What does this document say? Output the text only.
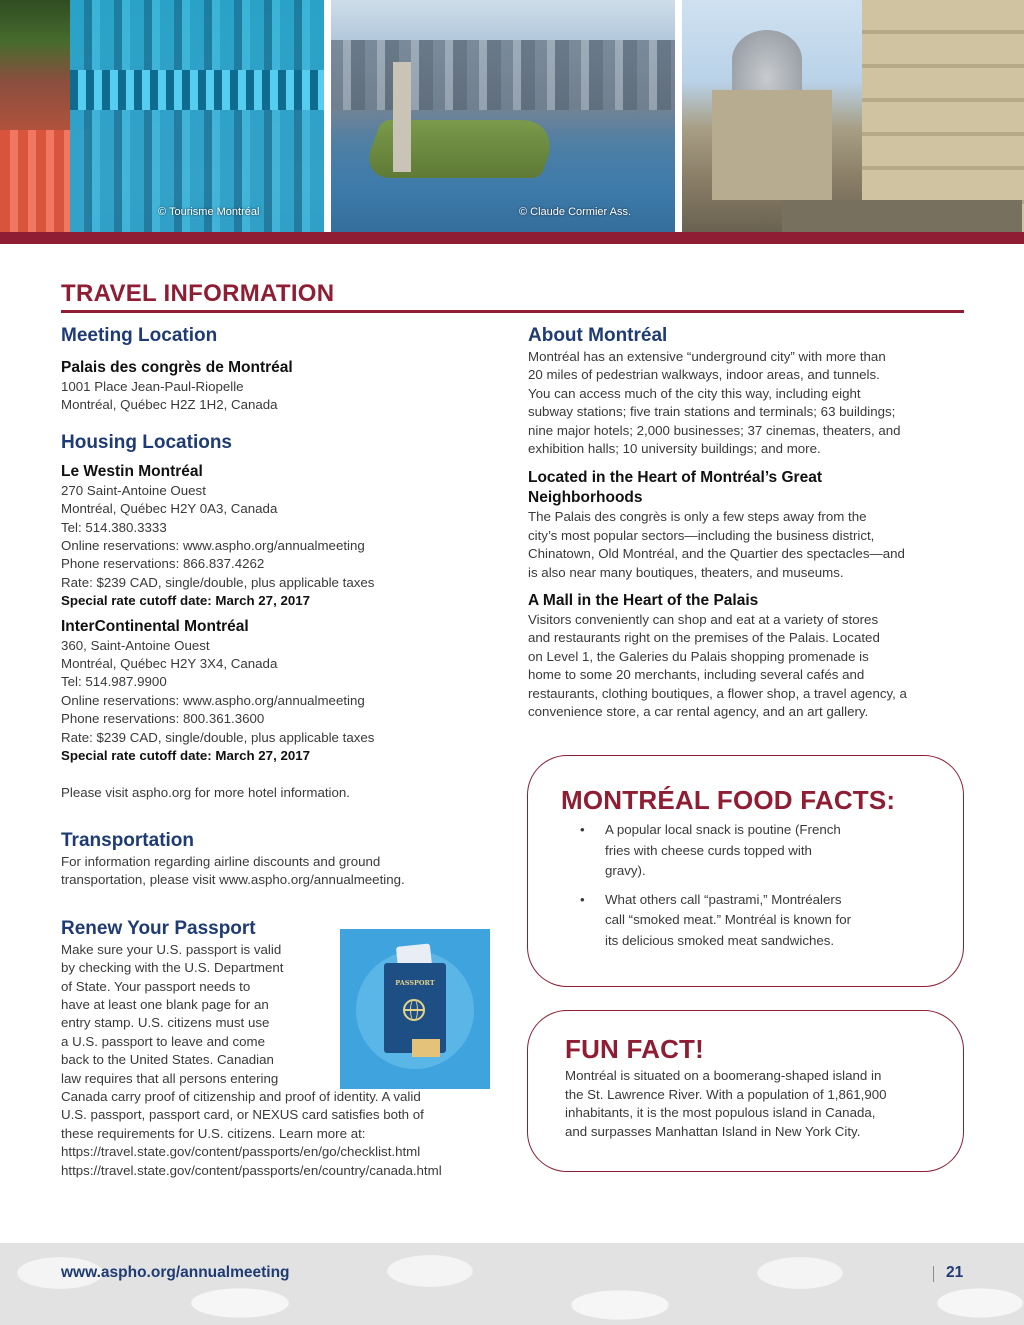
© Tourisme Montréal	© Claude Cormier Ass.
TRAVEL INFORMATION
Meeting Location
Palais des congrès de Montréal

1001 Place Jean-Paul-Riopelle

Montréal, Québec H2Z 1H2, Canada

Housing Locations
Le Westin Montréal

270 Saint-Antoine Ouest

Montréal, Québec H2Y 0A3, Canada

Tel: 514.380.3333

Online reservations: www.aspho.org/annualmeeting

Phone reservations: 866.837.4262

Rate: $239 CAD, single/double, plus applicable taxes

Special rate cutoff date: March 27, 2017

InterContinental Montréal

360, Saint-Antoine Ouest

Montréal, Québec H2Y 3X4, Canada

Tel: 514.987.9900

Online reservations: www.aspho.org/annualmeeting

Phone reservations: 800.361.3600

Rate: $239 CAD, single/double, plus applicable taxes

Special rate cutoff date: March 27, 2017

Please visit aspho.org for more hotel information.

Transportation

For information regarding airline discounts and ground

transportation, please visit www.aspho.org/annualmeeting.

Renew Your Passport

Make sure your U.S. passport is valid

by checking with the U.S. Department

of State. Your passport needs to

have at least one blank page for an

entry stamp. U.S. citizens must use

a U.S. passport to leave and come

back to the United States. Canadian

law requires that all persons entering

Canada carry proof of citizenship and proof of identity. A valid

U.S. passport, passport card, or NEXUS card satisfies both of

these requirements for U.S. citizens. Learn more at:

https://travel.state.gov/content/passports/en/go/checklist.html

https://travel.state.gov/content/passports/en/country/canada.html

PASSPORT
About Montréal

Montréal has an extensive “underground city” with more than

20 miles of pedestrian walkways, indoor areas, and tunnels.

You can access much of the city this way, including eight

subway stations; five train stations and terminals; 63 buildings;

nine major hotels; 2,000 businesses; 37 cinemas, theaters, and

exhibition halls; 10 university buildings; and more.

Located in the Heart of Montréal’s Great
Neighborhoods

The Palais des congrès is only a few steps away from the

city’s most popular sectors—including the business district,

Chinatown, Old Montréal, and the Quartier des spectacles—and

is also near many boutiques, theaters, and museums.

A Mall in the Heart of the Palais

Visitors conveniently can shop and eat at a variety of stores

and restaurants right on the premises of the Palais. Located

on Level 1, the Galeries du Palais shopping promenade is

home to some 20 merchants, including several cafés and

restaurants, clothing boutiques, a flower shop, a travel agency, a

convenience store, a car rental agency, and an art gallery.

MONTRÉAL FOOD FACTS:
• A popular local snack is poutine (French
fries with cheese curds topped with
gravy).
• What others call “pastrami,” Montréalers
call “smoked meat.” Montréal is known for
its delicious smoked meat sandwiches.
FUN FACT!
Montréal is situated on a boomerang-shaped island in
the St. Lawrence River. With a population of 1,861,900
inhabitants, it is the most populous island in Canada,
and surpasses Manhattan Island in New York City.
www.aspho.org/annualmeeting	21
